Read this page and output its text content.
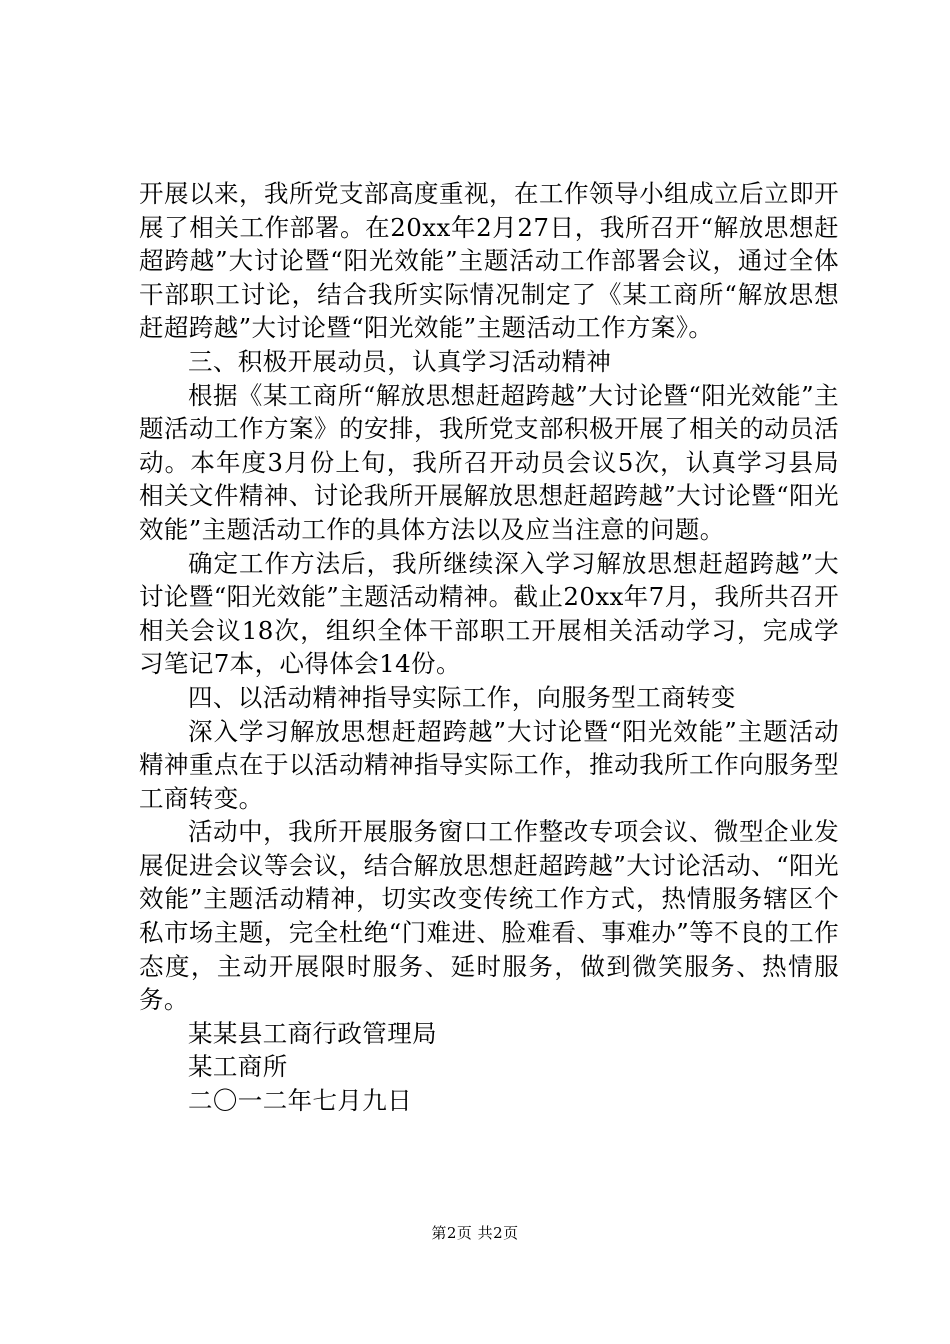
开展以来，我所党支部高度重视，在工作领导小组成立后立即开展了相关工作部署。在20xx年2月27日，我所召开“解放思想赶超跨越”大讨论暨“阳光效能”主题活动工作部署会议，通过全体干部职工讨论，结合我所实际情况制定了《某工商所“解放思想赶超跨越”大讨论暨“阳光效能”主题活动工作方案》。

三、积极开展动员，认真学习活动精神

根据《某工商所“解放思想赶超跨越”大讨论暨“阳光效能”主题活动工作方案》的安排，我所党支部积极开展了相关的动员活动。本年度3月份上旬，我所召开动员会议5次，认真学习县局相关文件精神、讨论我所开展解放思想赶超跨越”大讨论暨“阳光效能”主题活动工作的具体方法以及应当注意的问题。

确定工作方法后，我所继续深入学习解放思想赶超跨越”大讨论暨“阳光效能”主题活动精神。截止20xx年7月，我所共召开相关会议18次，组织全体干部职工开展相关活动学习，完成学习笔记7本，心得体会14份。

四、以活动精神指导实际工作，向服务型工商转变

深入学习解放思想赶超跨越”大讨论暨“阳光效能”主题活动精神重点在于以活动精神指导实际工作，推动我所工作向服务型工商转变。

活动中，我所开展服务窗口工作整改专项会议、微型企业发展促进会议等会议，结合解放思想赶超跨越”大讨论活动、“阳光效能”主题活动精神，切实改变传统工作方式，热情服务辖区个私市场主题，完全杜绝“门难进、脸难看、事难办”等不良的工作态度，主动开展限时服务、延时服务，做到微笑服务、热情服务。

某某县工商行政管理局

某工商所

二〇一二年七月九日

第2页 共2页
